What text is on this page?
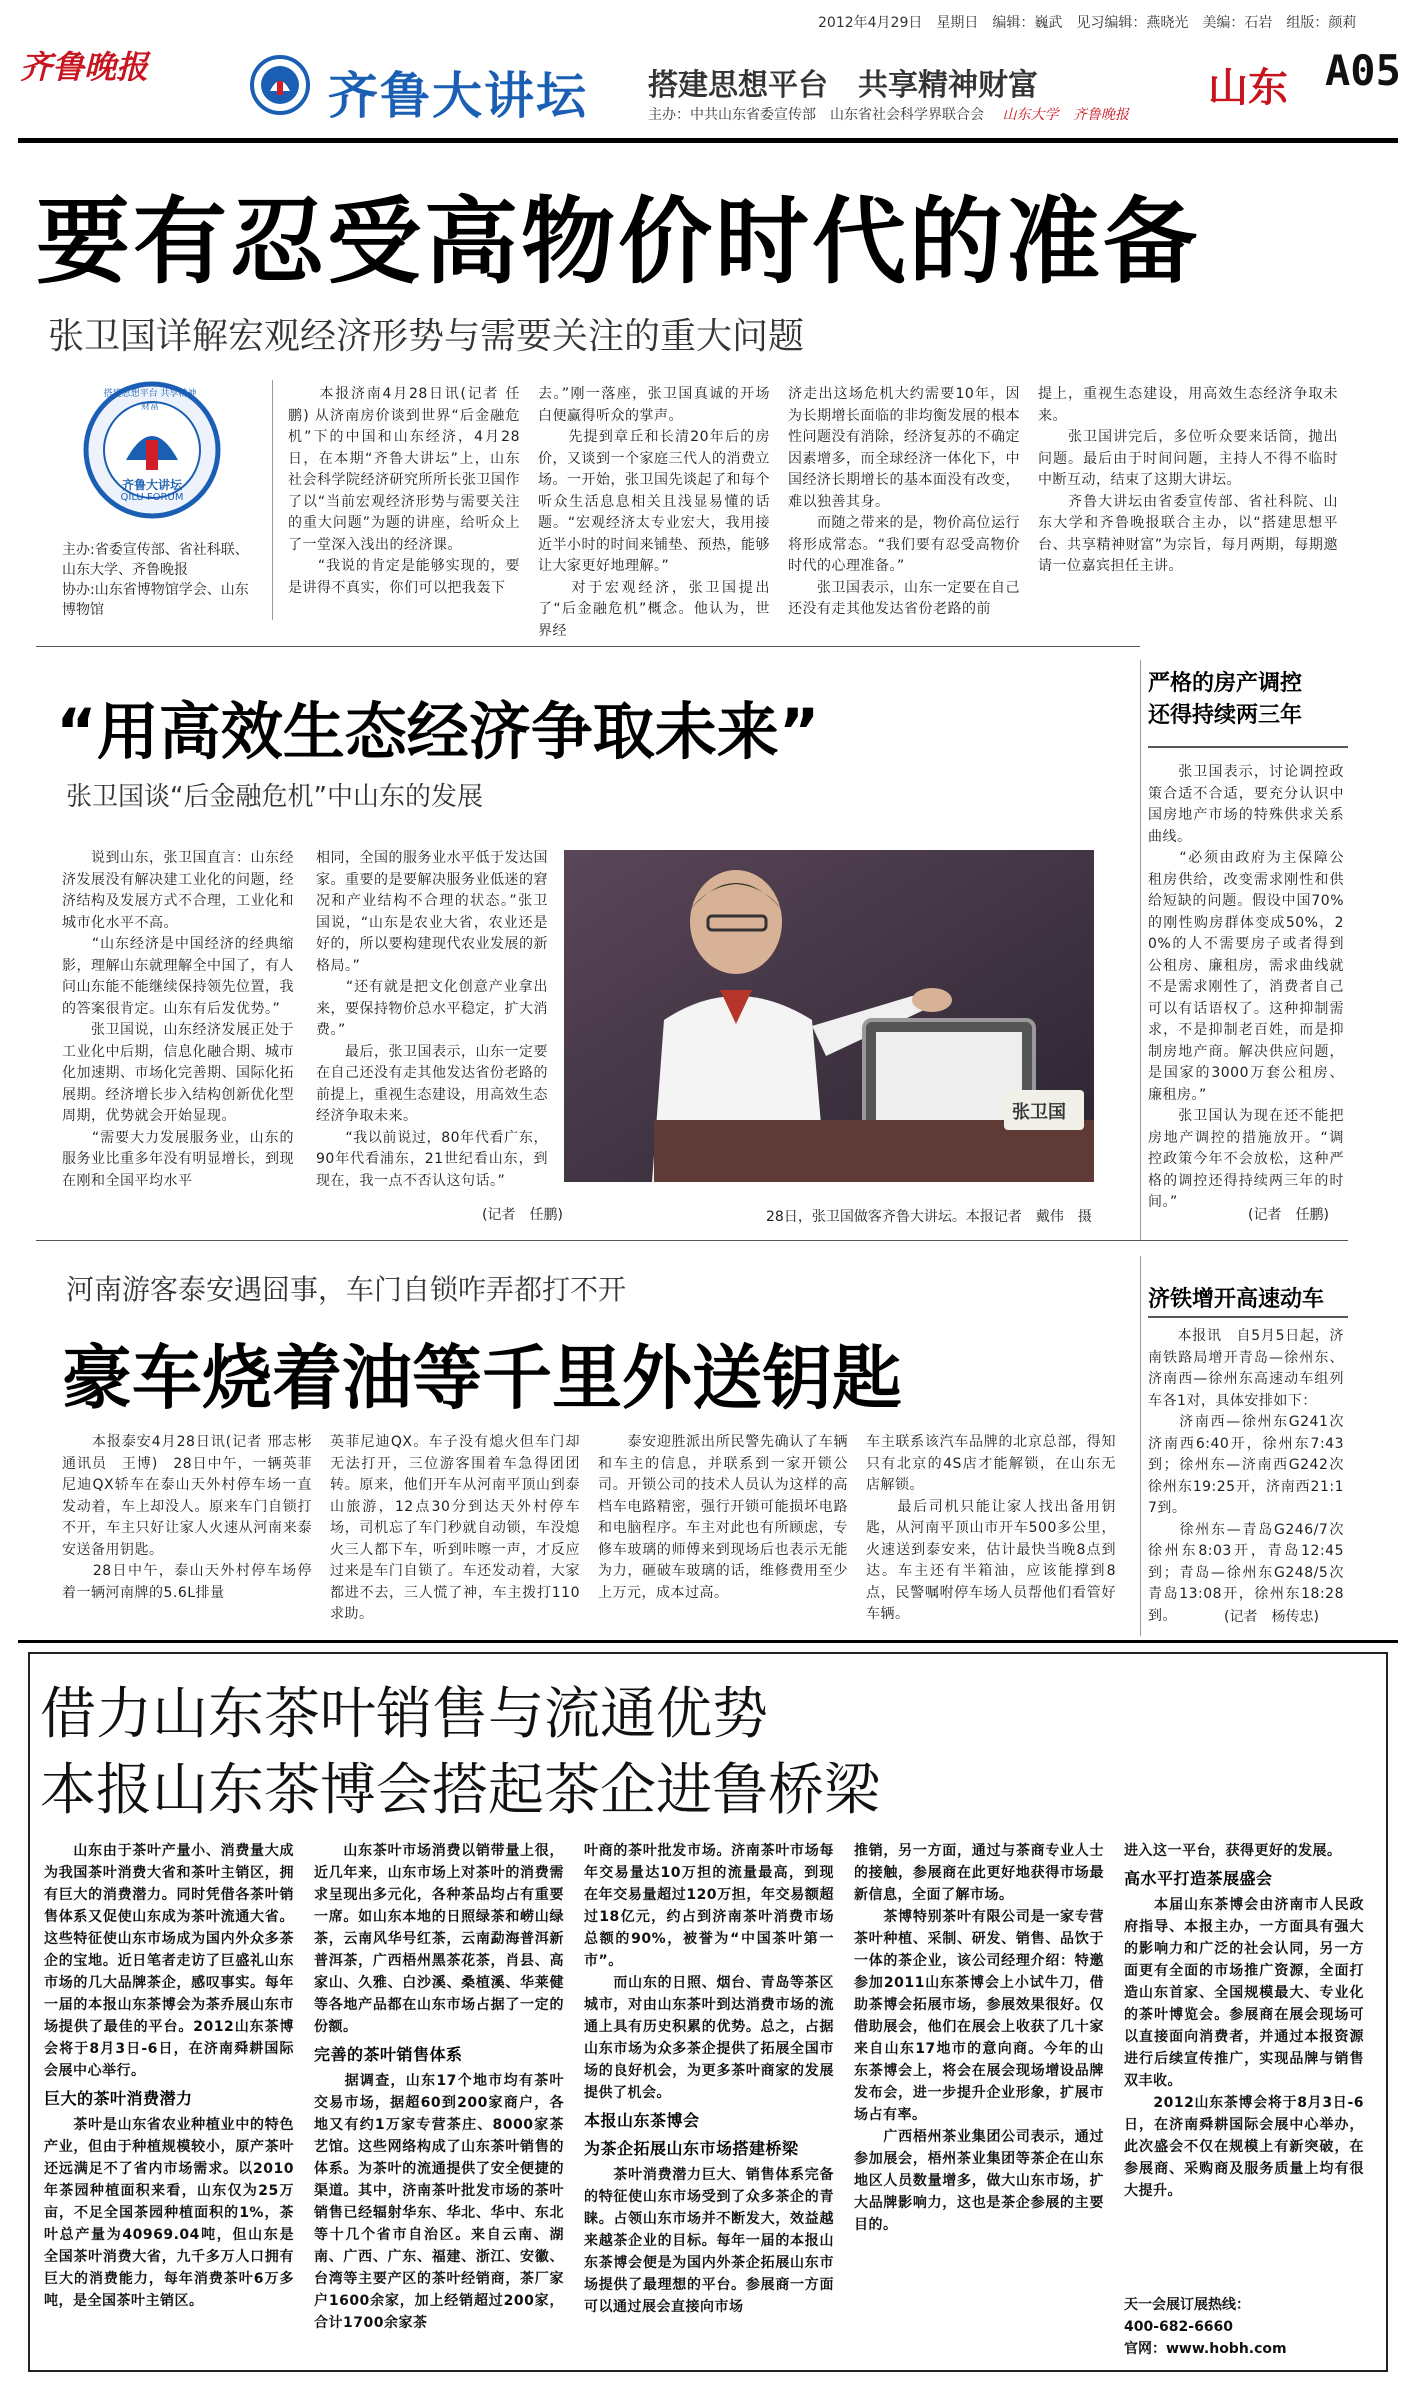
齐鲁晚报
2012年4月29日　星期日　编辑：巍武　见习编辑：燕晓光　美编：石岩　组版：颜莉
齐鲁大讲坛 搭建思想平台　共享精神财富
主办：中共山东省委宣传部　山东省社会科学界联合会 山东大学 齐鲁晚报
山东 A05
要有忍受高物价时代的准备
张卫国详解宏观经济形势与需要关注的重大问题
搭建思想平台 共享精神财富
齐鲁大讲坛
QILU FORUM
主办:省委宣传部、省社科联、山东大学、齐鲁晚报
协办:山东省博物馆学会、山东博物馆
　　本报济南4月28日讯(记者 任鹏) 从济南房价谈到世界“后金融危机”下的中国和山东经济，4月28日，在本期“齐鲁大讲坛”上，山东社会科学院经济研究所所长张卫国作了以“当前宏观经济形势与需要关注的重大问题”为题的讲座，给听众上了一堂深入浅出的经济课。
　　“我说的肯定是能够实现的，要是讲得不真实，你们可以把我轰下
去。”刚一落座，张卫国真诚的开场白便赢得听众的掌声。
　　先提到章丘和长清20年后的房价，又谈到一个家庭三代人的消费立场。一开始，张卫国先谈起了和每个听众生活息息相关且浅显易懂的话题。“宏观经济太专业宏大，我用接近半小时的时间来铺垫、预热，能够让大家更好地理解。”
　　对于宏观经济，张卫国提出了“后金融危机”概念。他认为，世界经
济走出这场危机大约需要10年，因为长期增长面临的非均衡发展的根本性问题没有消除，经济复苏的不确定因素增多，而全球经济一体化下，中国经济长期增长的基本面没有改变，难以独善其身。
　　而随之带来的是，物价高位运行将形成常态。“我们要有忍受高物价时代的心理准备。”
　　张卫国表示，山东一定要在自己还没有走其他发达省份老路的前
提上，重视生态建设，用高效生态经济争取未来。
　　张卫国讲完后，多位听众要来话筒，抛出问题。最后由于时间问题，主持人不得不临时中断互动，结束了这期大讲坛。
　　齐鲁大讲坛由省委宣传部、省社科院、山东大学和齐鲁晚报联合主办，以“搭建思想平台、共享精神财富”为宗旨，每月两期，每期邀请一位嘉宾担任主讲。
“用高效生态经济争取未来”
张卫国谈“后金融危机”中山东的发展
　　说到山东，张卫国直言：山东经济发展没有解决建工业化的问题，经济结构及发展方式不合理，工业化和城市化水平不高。
　　“山东经济是中国经济的经典缩影，理解山东就理解全中国了，有人问山东能不能继续保持领先位置，我的答案很肯定。山东有后发优势。”
　　张卫国说，山东经济发展正处于工业化中后期，信息化融合期、城市化加速期、市场化完善期、国际化拓展期。经济增长步入结构创新优化型周期，优势就会开始显现。
　　“需要大力发展服务业，山东的服务业比重多年没有明显增长，到现在刚和全国平均水平
相同，全国的服务业水平低于发达国家。重要的是要解决服务业低迷的窘况和产业结构不合理的状态。”张卫国说，“山东是农业大省，农业还是好的，所以要构建现代农业发展的新格局。”
　　“还有就是把文化创意产业拿出来，要保持物价总水平稳定，扩大消费。”
　　最后，张卫国表示，山东一定要在自己还没有走其他发达省份老路的前提上，重视生态建设，用高效生态经济争取未来。
　　“我以前说过，80年代看广东，90年代看浦东，21世纪看山东，到现在，我一点不否认这句话。”
(记者　任鹏)
张卫国
28日，张卫国做客齐鲁大讲坛。本报记者　戴伟　摄
严格的房产调控
还得持续两三年
　　张卫国表示，讨论调控政策合适不合适，要充分认识中国房地产市场的特殊供求关系曲线。
　　“必须由政府为主保障公租房供给，改变需求刚性和供给短缺的问题。假设中国70%的刚性购房群体变成50%，20%的人不需要房子或者得到公租房、廉租房，需求曲线就不是需求刚性了，消费者自己可以有话语权了。这种抑制需求，不是抑制老百姓，而是抑制房地产商。解决供应问题，是国家的3000万套公租房、廉租房。”
　　张卫国认为现在还不能把房地产调控的措施放开。“调控政策今年不会放松，这种严格的调控还得持续两三年的时间。”
(记者　任鹏)
河南游客泰安遇囧事，车门自锁咋弄都打不开
豪车烧着油等千里外送钥匙
　　本报泰安4月28日讯(记者 邢志彬　通讯员　王博)　28日中午，一辆英菲尼迪QX轿车在泰山天外村停车场一直发动着，车上却没人。原来车门自锁打不开，车主只好让家人火速从河南来泰安送备用钥匙。
　　28日中午，泰山天外村停车场停着一辆河南牌的5.6L排量
英菲尼迪QX。车子没有熄火但车门却无法打开，三位游客围着车急得团团转。原来，他们开车从河南平顶山到泰山旅游，12点30分到达天外村停车场，司机忘了车门秒就自动锁，车没熄火三人都下车，听到咔嚓一声，才反应过来是车门自锁了。车还发动着，大家都进不去，三人慌了神，车主拨打110求助。
　　泰安迎胜派出所民警先确认了车辆和车主的信息，并联系到一家开锁公司。开锁公司的技术人员认为这样的高档车电路精密，强行开锁可能损坏电路和电脑程序。车主对此也有所顾虑，专修车玻璃的师傅来到现场后也表示无能为力，砸破车玻璃的话，维修费用至少上万元，成本过高。
车主联系该汽车品牌的北京总部，得知只有北京的4S店才能解锁，在山东无店解锁。
　　最后司机只能让家人找出备用钥匙，从河南平顶山市开车500多公里，火速送到泰安来，估计最快当晚8点到达。车主还有半箱油，应该能撑到8点，民警嘱咐停车场人员帮他们看管好车辆。
济铁增开高速动车
　　本报讯　自5月5日起，济南铁路局增开青岛—徐州东、济南西—徐州东高速动车组列车各1对，具体安排如下：
　　济南西—徐州东G241次济南西6:40开，徐州东7:43到；徐州东—济南西G242次徐州东19:25开，济南西21:17到。
　　徐州东—青岛G246/7次徐州东8:03开，青岛12:45到；青岛—徐州东G248/5次青岛13:08开，徐州东18:28到。	(记者　杨传忠)
借力山东茶叶销售与流通优势
本报山东茶博会搭起茶企进鲁桥梁
　　山东由于茶叶产量小、消费量大成为我国茶叶消费大省和茶叶主销区，拥有巨大的消费潜力。同时凭借各茶叶销售体系又促使山东成为茶叶流通大省。这些特征使山东市场成为国内外众多茶企的宝地。近日笔者走访了巨盛礼山东市场的几大品牌茶企，感叹事实。每年一届的本报山东茶博会为茶乔展山东市场提供了最佳的平台。2012山东茶博会将于8月3日-6日，在济南舜耕国际会展中心举行。
巨大的茶叶消费潜力
　　茶叶是山东省农业种植业中的特色产业，但由于种植规模较小，原产茶叶还远满足不了省内市场需求。以2010年茶园种植面积来看，山东仅为25万亩，不足全国茶园种植面积的1%，茶叶总产量为40969.04吨，但山东是全国茶叶消费大省，九千多万人口拥有巨大的消费能力，每年消费茶叶6万多吨，是全国茶叶主销区。
　　山东茶叶市场消费以销带量上很，近几年来，山东市场上对茶叶的消费需求呈现出多元化，各种茶品均占有重要一席。如山东本地的日照绿茶和崂山绿茶，云南风华号红茶，云南勐海普洱新普洱茶，广西梧州黑茶花茶，肖县、高家山、久雅、白沙溪、桑植溪、华莱健等各地产品都在山东市场占据了一定的份额。
完善的茶叶销售体系
　　据调查，山东17个地市均有茶叶交易市场，据超60到200家商户，各地又有约1万家专营茶庄、8000家茶艺馆。这些网络构成了山东茶叶销售的体系。为茶叶的流通提供了安全便捷的渠道。其中，济南茶叶批发市场的茶叶销售已经辐射华东、华北、华中、东北等十几个省市自治区。来自云南、湖南、广西、广东、福建、浙江、安徽、台湾等主要产区的茶叶经销商，茶厂家户1600余家，加上经销超过200家，合计1700余家茶
叶商的茶叶批发市场。济南茶叶市场每年交易量达10万担的流量最高，到现在年交易量超过120万担，年交易额超过18亿元，约占到济南茶叶消费市场总额的90%，被誉为“中国茶叶第一市”。
　　而山东的日照、烟台、青岛等茶区城市，对由山东茶叶到达消费市场的流通上具有历史积累的优势。总之，占据山东市场为众多茶企提供了拓展全国市场的良好机会，为更多茶叶商家的发展提供了机会。
本报山东茶博会
为茶企拓展山东市场搭建桥梁
　　茶叶消费潜力巨大、销售体系完备的特征使山东市场受到了众多茶企的青睐。占领山东市场并不断发大，效益越来越茶企业的目标。每年一届的本报山东茶博会便是为国内外茶企拓展山东市场提供了最理想的平台。参展商一方面可以通过展会直接向市场
推销，另一方面，通过与茶商专业人士的接触，参展商在此更好地获得市场最新信息，全面了解市场。
　　茶博特别茶叶有限公司是一家专营茶叶种植、采制、研发、销售、品饮于一体的茶企业，该公司经理介绍：特邀参加2011山东茶博会上小试牛刀，借助茶博会拓展市场，参展效果很好。仅借助展会，他们在展会上收获了几十家来自山东17地市的意向商。今年的山东茶博会上，将会在展会现场增设品牌发布会，进一步提升企业形象，扩展市场占有率。
　　广西梧州茶业集团公司表示，通过参加展会，梧州茶业集团等茶企在山东地区人员数量增多，做大山东市场，扩大品牌影响力，这也是茶企参展的主要目的。
进入这一平台，获得更好的发展。
高水平打造茶展盛会
　　本届山东茶博会由济南市人民政府指导、本报主办，一方面具有强大的影响力和广泛的社会认同，另一方面更有全面的市场推广资源，全面打造山东首家、全国规模最大、专业化的茶叶博览会。参展商在展会现场可以直接面向消费者，并通过本报资源进行后续宣传推广，实现品牌与销售双丰收。
　　2012山东茶博会将于8月3日-6日，在济南舜耕国际会展中心举办，此次盛会不仅在规模上有新突破，在参展商、采购商及服务质量上均有很大提升。
天一会展订展热线：
400-682-6660
官网：www.hobh.com
